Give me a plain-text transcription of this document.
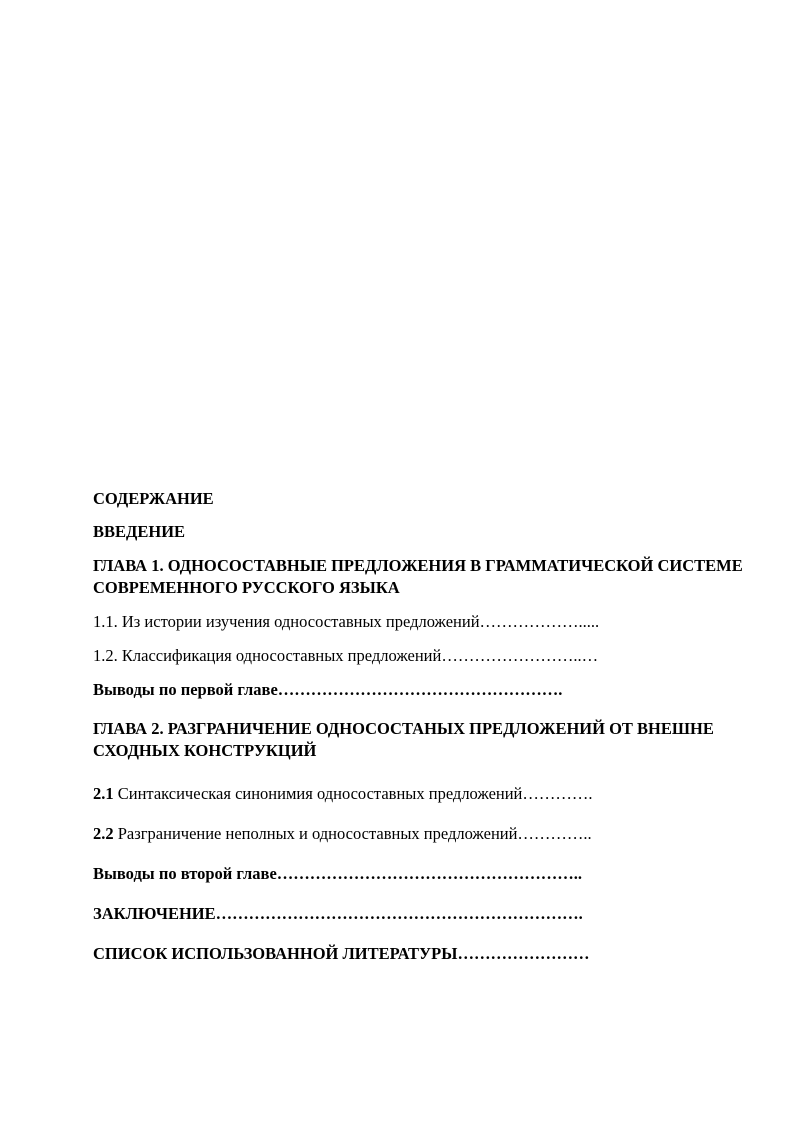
СОДЕРЖАНИЕ
ВВЕДЕНИЕ
ГЛАВА 1. ОДНОСОСТАВНЫЕ ПРЕДЛОЖЕНИЯ В ГРАММАТИЧЕСКОЙ СИСТЕМЕ СОВРЕМЕННОГО РУССКОГО ЯЗЫКА
1.1. Из истории изучения односоставных предложений……………….....
1.2. Классификация односоставных предложений……………………..…
Выводы по первой главе…………………………………………….
ГЛАВА 2. РАЗГРАНИЧЕНИЕ ОДНОСОСТАНЫХ ПРЕДЛОЖЕНИЙ ОТ ВНЕШНЕ СХОДНЫХ КОНСТРУКЦИЙ
2.1 Синтаксическая синонимия односоставных предложений………….
2.2 Разграничение неполных и односоставных предложений…………..
Выводы по второй главе………………………………………………..
ЗАКЛЮЧЕНИЕ………………………………………………………….
СПИСОК ИСПОЛЬЗОВАННОЙ ЛИТЕРАТУРЫ……………………
